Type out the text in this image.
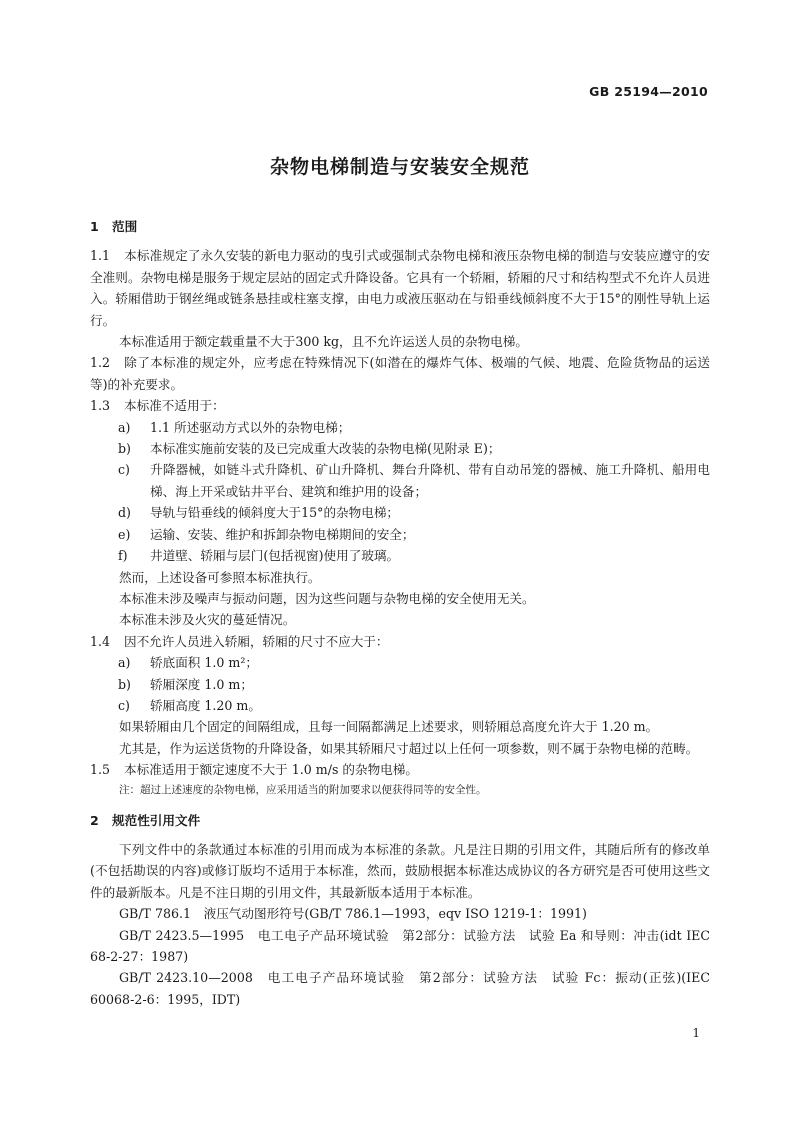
GB 25194—2010
杂物电梯制造与安装安全规范
1 范围

1.1 本标准规定了永久安装的新电力驱动的曳引式或强制式杂物电梯和液压杂物电梯的制造与安装应遵守的安全准则。杂物电梯是服务于规定层站的固定式升降设备。它具有一个轿厢，轿厢的尺寸和结构型式不允许人员进入。轿厢借助于钢丝绳或链条悬挂或柱塞支撑，由电力或液压驱动在与铅垂线倾斜度不大于15°的刚性导轨上运行。

本标准适用于额定载重量不大于300 kg，且不允许运送人员的杂物电梯。

1.2 除了本标准的规定外，应考虑在特殊情况下(如潜在的爆炸气体、极端的气候、地震、危险货物品的运送等)的补充要求。

1.3 本标准不适用于：

a) 1.1 所述驱动方式以外的杂物电梯；

b) 本标准实施前安装的及已完成重大改装的杂物电梯(见附录 E)；

c) 升降器械，如链斗式升降机、矿山升降机、舞台升降机、带有自动吊笼的器械、施工升降机、船用电梯、海上开采或钻井平台、建筑和维护用的设备；

d) 导轨与铅垂线的倾斜度大于15°的杂物电梯；

e) 运输、安装、维护和拆卸杂物电梯期间的安全；

f) 井道壁、轿厢与层门(包括视窗)使用了玻璃。

然而，上述设备可参照本标准执行。

本标准未涉及噪声与振动问题，因为这些问题与杂物电梯的安全使用无关。

本标准未涉及火灾的蔓延情况。

1.4 因不允许人员进入轿厢，轿厢的尺寸不应大于：

a) 轿底面积 1.0 m²；

b) 轿厢深度 1.0 m；

c) 轿厢高度 1.20 m。

如果轿厢由几个固定的间隔组成，且每一间隔都满足上述要求，则轿厢总高度允许大于 1.20 m。

尤其是，作为运送货物的升降设备，如果其轿厢尺寸超过以上任何一项参数，则不属于杂物电梯的范畴。

1.5 本标准适用于额定速度不大于 1.0 m/s 的杂物电梯。

注：超过上述速度的杂物电梯，应采用适当的附加要求以便获得同等的安全性。

2 规范性引用文件

下列文件中的条款通过本标准的引用而成为本标准的条款。凡是注日期的引用文件，其随后所有的修改单(不包括勘误的内容)或修订版均不适用于本标准，然而，鼓励根据本标准达成协议的各方研究是否可使用这些文件的最新版本。凡是不注日期的引用文件，其最新版本适用于本标准。

GB/T 786.1　液压气动图形符号(GB/T 786.1—1993，eqv ISO 1219-1：1991)

GB/T 2423.5—1995　电工电子产品环境试验　第2部分：试验方法　试验 Ea 和导则：冲击(idt IEC 68-2-27：1987)

GB/T 2423.10—2008　电工电子产品环境试验　第2部分：试验方法　试验 Fc：振动(正弦)(IEC 60068-2-6：1995，IDT)

1
